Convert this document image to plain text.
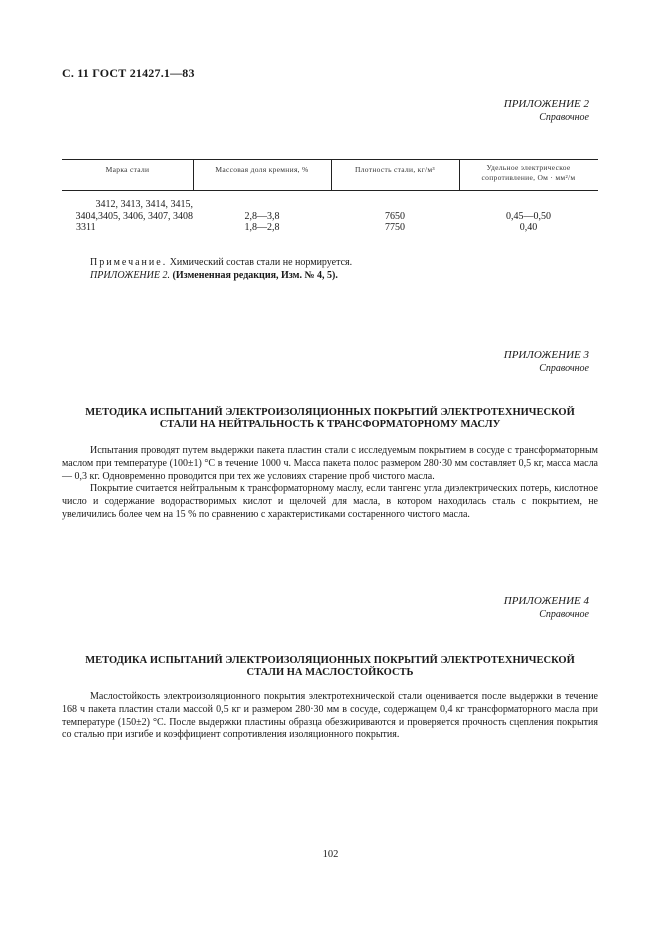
С. 11 ГОСТ 21427.1—83
ПРИЛОЖЕНИЕ 2
Справочное
Марка стали	Массовая доля кремния, %	Плотность стали, кг/м³	Удельное электрическое
сопротивление, Ом · мм²/м
3412, 3413, 3414, 3415,
3404,3405, 3406, 3407, 3408	2,8—3,8	7650	0,45—0,50
3311	1,8—2,8	7750	0,40
Примечание. Химический состав стали не нормируется.
ПРИЛОЖЕНИЕ 2. (Измененная редакция, Изм. № 4, 5).
ПРИЛОЖЕНИЕ 3
Справочное
МЕТОДИКА ИСПЫТАНИЙ ЭЛЕКТРОИЗОЛЯЦИОННЫХ ПОКРЫТИЙ ЭЛЕКТРОТЕХНИЧЕСКОЙ
СТАЛИ НА НЕЙТРАЛЬНОСТЬ К ТРАНСФОРМАТОРНОМУ МАСЛУ

Испытания проводят путем выдержки пакета пластин стали с исследуемым покрытием в сосуде с трансформаторным маслом при температуре (100±1) °С в течение 1000 ч. Масса пакета полос размером 280·30 мм составляет 0,5 кг, масса масла — 0,3 кг. Одновременно проводится при тех же условиях старение проб чистого масла.

Покрытие считается нейтральным к трансформаторному маслу, если тангенс угла диэлектрических потерь, кислотное число и содержание водорастворимых кислот и щелочей для масла, в котором находилась сталь с покрытием, не увеличились более чем на 15 % по сравнению с характеристиками состаренного чистого масла.

ПРИЛОЖЕНИЕ 4
Справочное
МЕТОДИКА ИСПЫТАНИЙ ЭЛЕКТРОИЗОЛЯЦИОННЫХ ПОКРЫТИЙ ЭЛЕКТРОТЕХНИЧЕСКОЙ
СТАЛИ НА МАСЛОСТОЙКОСТЬ

Маслостойкость электроизоляционного покрытия электротехнической стали оценивается после выдержки в течение 168 ч пакета пластин стали массой 0,5 кг и размером 280·30 мм в сосуде, содержащем 0,4 кг трансформаторного масла при температуре (150±2) °С. После выдержки пластины образца обезжириваются и проверяется прочность сцепления покрытия со сталью при изгибе и коэффициент сопротивления изоляционного покрытия.

102
